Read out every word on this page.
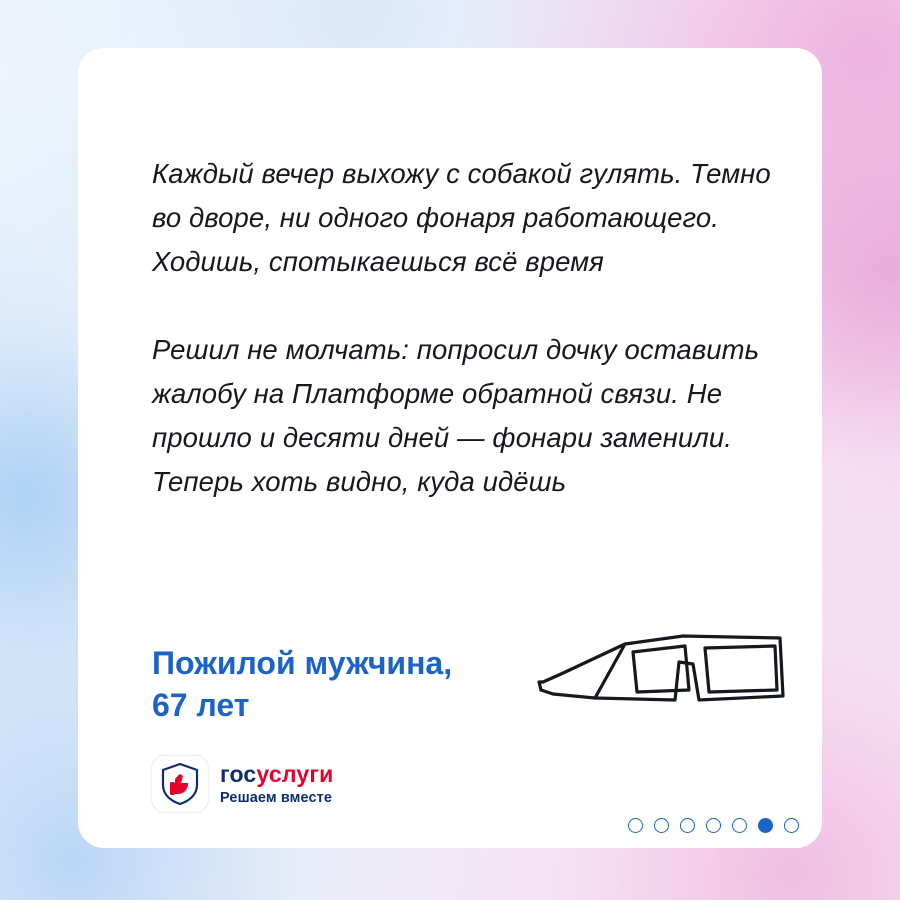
Каждый вечер выхожу с собакой гулять. Темно во дворе, ни одного фонаря работающего. Ходишь, спотыкаешься всё время

Решил не молчать: попросил дочку оставить жалобу на Платформе обратной связи. Не прошло и десяти дней — фонари заменили. Теперь хоть видно, куда идёшь

Пожилой мужчина,
67 лет
госуслуги
Решаем вместе
